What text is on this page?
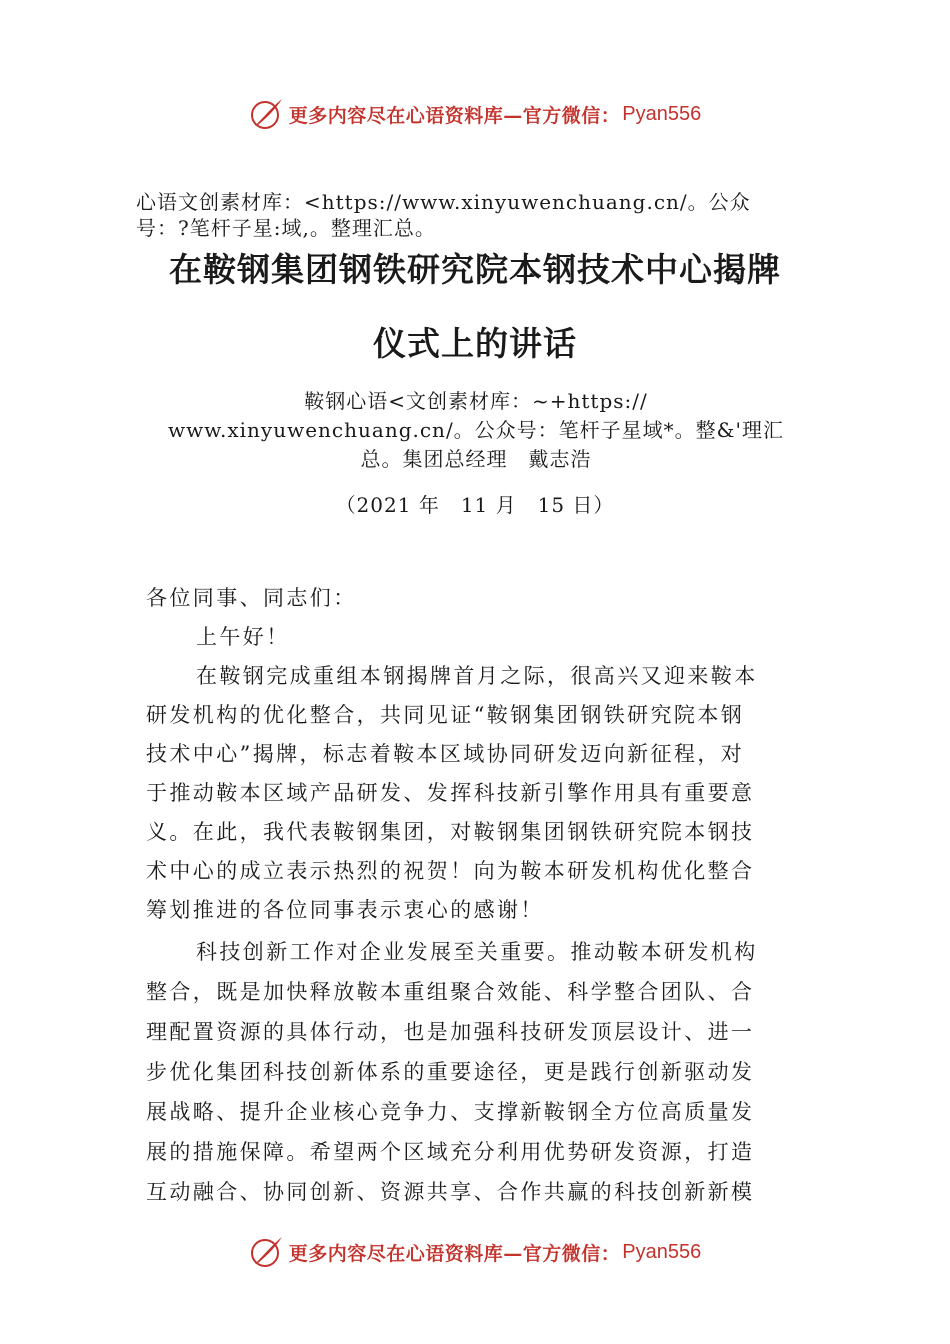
更多内容尽在心语资料库—官方微信： Pyan556
心语文创素材库：<https://www.xinyuwenchuang.cn/。公众
号：?笔杆子星:域,。整理汇总。
在鞍钢集团钢铁研究院本钢技术中心揭牌
仪式上的讲话
鞍钢心语<文创素材库：~+https://
www.xinyuwenchuang.cn/。公众号：笔杆子星域*。整&'理汇
总。集团总经理　戴志浩
（2021 年　11 月　15 日）
各位同事、同志们：
上午好！
在鞍钢完成重组本钢揭牌首月之际，很高兴又迎来鞍本
研发机构的优化整合，共同见证“鞍钢集团钢铁研究院本钢
技术中心”揭牌，标志着鞍本区域协同研发迈向新征程，对
于推动鞍本区域产品研发、发挥科技新引擎作用具有重要意
义。在此，我代表鞍钢集团，对鞍钢集团钢铁研究院本钢技
术中心的成立表示热烈的祝贺！向为鞍本研发机构优化整合
筹划推进的各位同事表示衷心的感谢！
科技创新工作对企业发展至关重要。推动鞍本研发机构
整合，既是加快释放鞍本重组聚合效能、科学整合团队、合
理配置资源的具体行动，也是加强科技研发顶层设计、进一
步优化集团科技创新体系的重要途径，更是践行创新驱动发
展战略、提升企业核心竞争力、支撑新鞍钢全方位高质量发
展的措施保障。希望两个区域充分利用优势研发资源，打造
互动融合、协同创新、资源共享、合作共赢的科技创新新模
更多内容尽在心语资料库—官方微信： Pyan556
